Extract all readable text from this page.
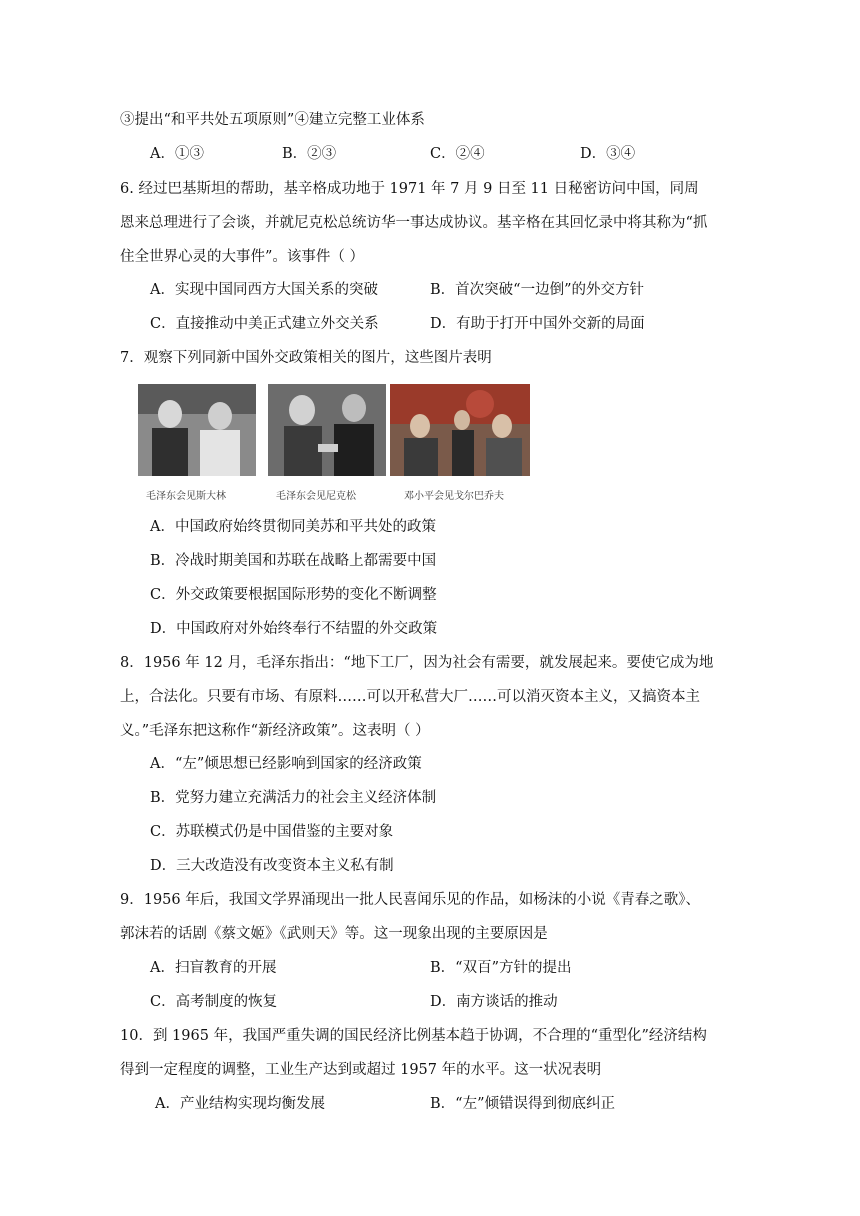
③提出“和平共处五项原则”④建立完整工业体系
A．①③	B．②③	C．②④	D．③④
6. 经过巴基斯坦的帮助，基辛格成功地于 1971 年 7 月 9 日至 11 日秘密访问中国，同周
恩来总理进行了会谈，并就尼克松总统访华一事达成协议。基辛格在其回忆录中将其称为“抓
住全世界心灵的大事件”。该事件（ ）
A．实现中国同西方大国关系的突破	B．首次突破“一边倒”的外交方针
C．直接推动中美正式建立外交关系	D．有助于打开中国外交新的局面
7．观察下列同新中国外交政策相关的图片，这些图片表明
毛泽东会见斯大林	毛泽东会见尼克松	邓小平会见戈尔巴乔夫
A．中国政府始终贯彻同美苏和平共处的政策
B．冷战时期美国和苏联在战略上都需要中国
C．外交政策要根据国际形势的变化不断调整
D．中国政府对外始终奉行不结盟的外交政策
8．1956 年 12 月，毛泽东指出：“地下工厂，因为社会有需要，就发展起来。要使它成为地
上，合法化。只要有市场、有原料……可以开私营大厂……可以消灭资本主义，又搞资本主
义。”毛泽东把这称作“新经济政策”。这表明（ ）
A．“左”倾思想已经影响到国家的经济政策
B．党努力建立充满活力的社会主义经济体制
C．苏联模式仍是中国借鉴的主要对象
D．三大改造没有改变资本主义私有制
9．1956 年后，我国文学界涌现出一批人民喜闻乐见的作品，如杨沫的小说《青春之歌》、
郭沫若的话剧《蔡文姬》《武则天》等。这一现象出现的主要原因是
A．扫盲教育的开展	B．“双百”方针的提出
C．高考制度的恢复	D．南方谈话的推动
10．到 1965 年，我国严重失调的国民经济比例基本趋于协调，不合理的“重型化”经济结构
得到一定程度的调整，工业生产达到或超过 1957 年的水平。这一状况表明
A．产业结构实现均衡发展	B．“左”倾错误得到彻底纠正
